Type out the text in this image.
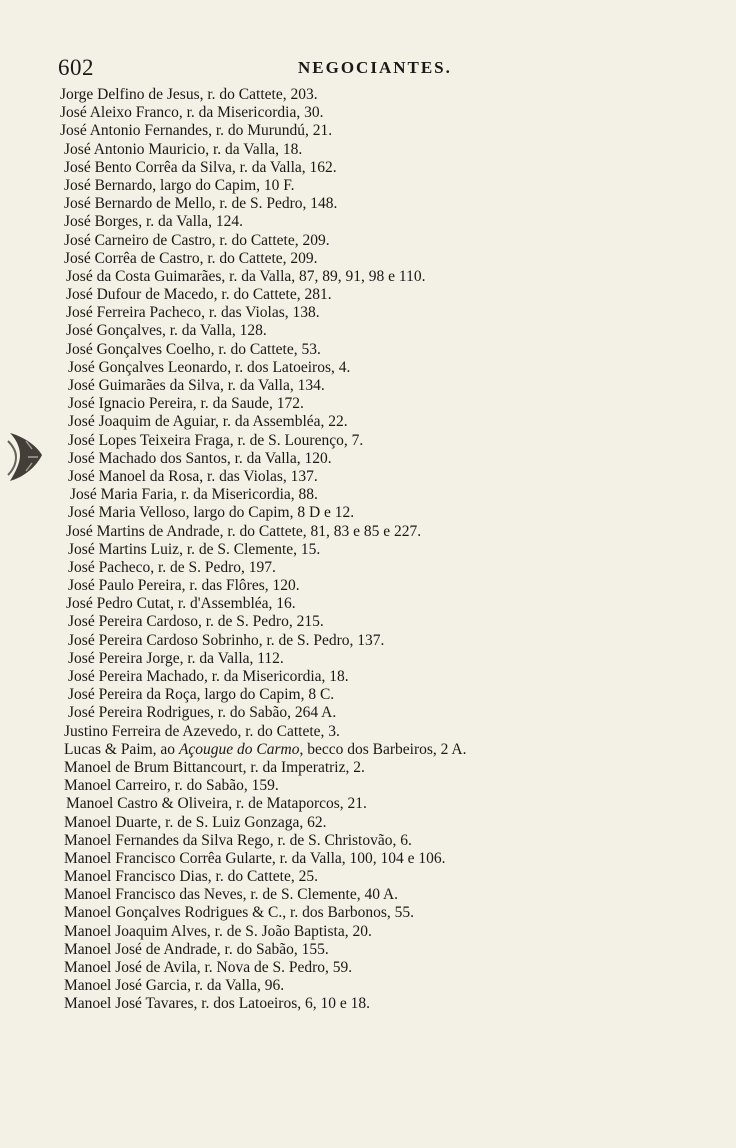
602	NEGOCIANTES.
Jorge Delfino de Jesus, r. do Cattete, 203.
José Aleixo Franco, r. da Misericordia, 30.
José Antonio Fernandes, r. do Murundú, 21.
José Antonio Mauricio, r. da Valla, 18.
José Bento Corrêa da Silva, r. da Valla, 162.
José Bernardo, largo do Capim, 10 F.
José Bernardo de Mello, r. de S. Pedro, 148.
José Borges, r. da Valla, 124.
José Carneiro de Castro, r. do Cattete, 209.
José Corrêa de Castro, r. do Cattete, 209.
José da Costa Guimarães, r. da Valla, 87, 89, 91, 98 e 110.
José Dufour de Macedo, r. do Cattete, 281.
José Ferreira Pacheco, r. das Violas, 138.
José Gonçalves, r. da Valla, 128.
José Gonçalves Coelho, r. do Cattete, 53.
José Gonçalves Leonardo, r. dos Latoeiros, 4.
José Guimarães da Silva, r. da Valla, 134.
José Ignacio Pereira, r. da Saude, 172.
José Joaquim de Aguiar, r. da Assembléa, 22.
José Lopes Teixeira Fraga, r. de S. Lourenço, 7.
José Machado dos Santos, r. da Valla, 120.
José Manoel da Rosa, r. das Violas, 137.
José Maria Faria, r. da Misericordia, 88.
José Maria Velloso, largo do Capim, 8 D e 12.
José Martins de Andrade, r. do Cattete, 81, 83 e 85 e 227.
José Martins Luiz, r. de S. Clemente, 15.
José Pacheco, r. de S. Pedro, 197.
José Paulo Pereira, r. das Flôres, 120.
José Pedro Cutat, r. d'Assembléa, 16.
José Pereira Cardoso, r. de S. Pedro, 215.
José Pereira Cardoso Sobrinho, r. de S. Pedro, 137.
José Pereira Jorge, r. da Valla, 112.
José Pereira Machado, r. da Misericordia, 18.
José Pereira da Roça, largo do Capim, 8 C.
José Pereira Rodrigues, r. do Sabão, 264 A.
Justino Ferreira de Azevedo, r. do Cattete, 3.
Lucas & Paim, ao Açougue do Carmo, becco dos Barbeiros, 2 A.
Manoel de Brum Bittancourt, r. da Imperatriz, 2.
Manoel Carreiro, r. do Sabão, 159.
Manoel Castro & Oliveira, r. de Mataporcos, 21.
Manoel Duarte, r. de S. Luiz Gonzaga, 62.
Manoel Fernandes da Silva Rego, r. de S. Christovão, 6.
Manoel Francisco Corrêa Gularte, r. da Valla, 100, 104 e 106.
Manoel Francisco Dias, r. do Cattete, 25.
Manoel Francisco das Neves, r. de S. Clemente, 40 A.
Manoel Gonçalves Rodrigues & C., r. dos Barbonos, 55.
Manoel Joaquim Alves, r. de S. João Baptista, 20.
Manoel José de Andrade, r. do Sabão, 155.
Manoel José de Avila, r. Nova de S. Pedro, 59.
Manoel José Garcia, r. da Valla, 96.
Manoel José Tavares, r. dos Latoeiros, 6, 10 e 18.
